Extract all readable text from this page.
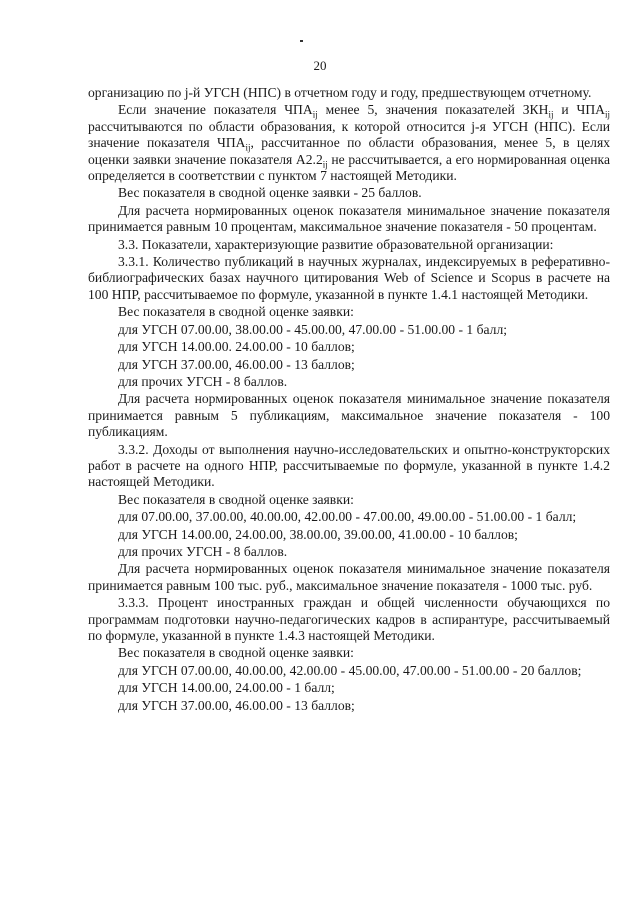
20

организацию по j-й УГСН (НПС) в отчетном году и году, предшествующем отчетному.

Если значение показателя $ЧПА_{ij}$ менее 5, значения показателей $ЗКН_{ij}$ и $ЧПА_{ij}$ рассчитываются по области образования, к которой относится j-я УГСН (НПС). Если значение показателя $ЧПА_{ij}$, рассчитанное по области образования, менее 5, в целях оценки заявки значение показателя $А2.2_{ij}$ не рассчитывается, а его нормированная оценка определяется в соответствии с пунктом 7 настоящей Методики.

Вес показателя в сводной оценке заявки - 25 баллов.

Для расчета нормированных оценок показателя минимальное значение показателя принимается равным 10 процентам, максимальное значение показателя - 50 процентам.

3.3. Показатели, характеризующие развитие образовательной организации:

3.3.1. Количество публикаций в научных журналах, индексируемых в реферативно-библиографических базах научного цитирования Web of Science и Scopus в расчете на 100 НПР, рассчитываемое по формуле, указанной в пункте 1.4.1 настоящей Методики.

Вес показателя в сводной оценке заявки:

для УГСН 07.00.00, 38.00.00 - 45.00.00, 47.00.00 - 51.00.00 - 1 балл;

для УГСН 14.00.00. 24.00.00 - 10 баллов;

для УГСН 37.00.00, 46.00.00 - 13 баллов;

для прочих УГСН - 8 баллов.

Для расчета нормированных оценок показателя минимальное значение показателя принимается равным 5 публикациям, максимальное значение показателя - 100 публикациям.

3.3.2. Доходы от выполнения научно-исследовательских и опытно-конструкторских работ в расчете на одного НПР, рассчитываемые по формуле, указанной в пункте 1.4.2 настоящей Методики.

Вес показателя в сводной оценке заявки:

для 07.00.00, 37.00.00, 40.00.00, 42.00.00 - 47.00.00, 49.00.00 - 51.00.00 - 1 балл;

для УГСН 14.00.00, 24.00.00, 38.00.00, 39.00.00, 41.00.00 - 10 баллов;

для прочих УГСН - 8 баллов.

Для расчета нормированных оценок показателя минимальное значение показателя принимается равным 100 тыс. руб., максимальное значение показателя - 1000 тыс. руб.

3.3.3. Процент иностранных граждан и общей численности обучающихся по программам подготовки научно-педагогических кадров в аспирантуре, рассчитываемый по формуле, указанной в пункте 1.4.3 настоящей Методики.

Вес показателя в сводной оценке заявки:

для УГСН 07.00.00, 40.00.00, 42.00.00 - 45.00.00, 47.00.00 - 51.00.00 - 20 баллов;

для УГСН 14.00.00, 24.00.00 - 1 балл;

для УГСН 37.00.00, 46.00.00 - 13 баллов;
